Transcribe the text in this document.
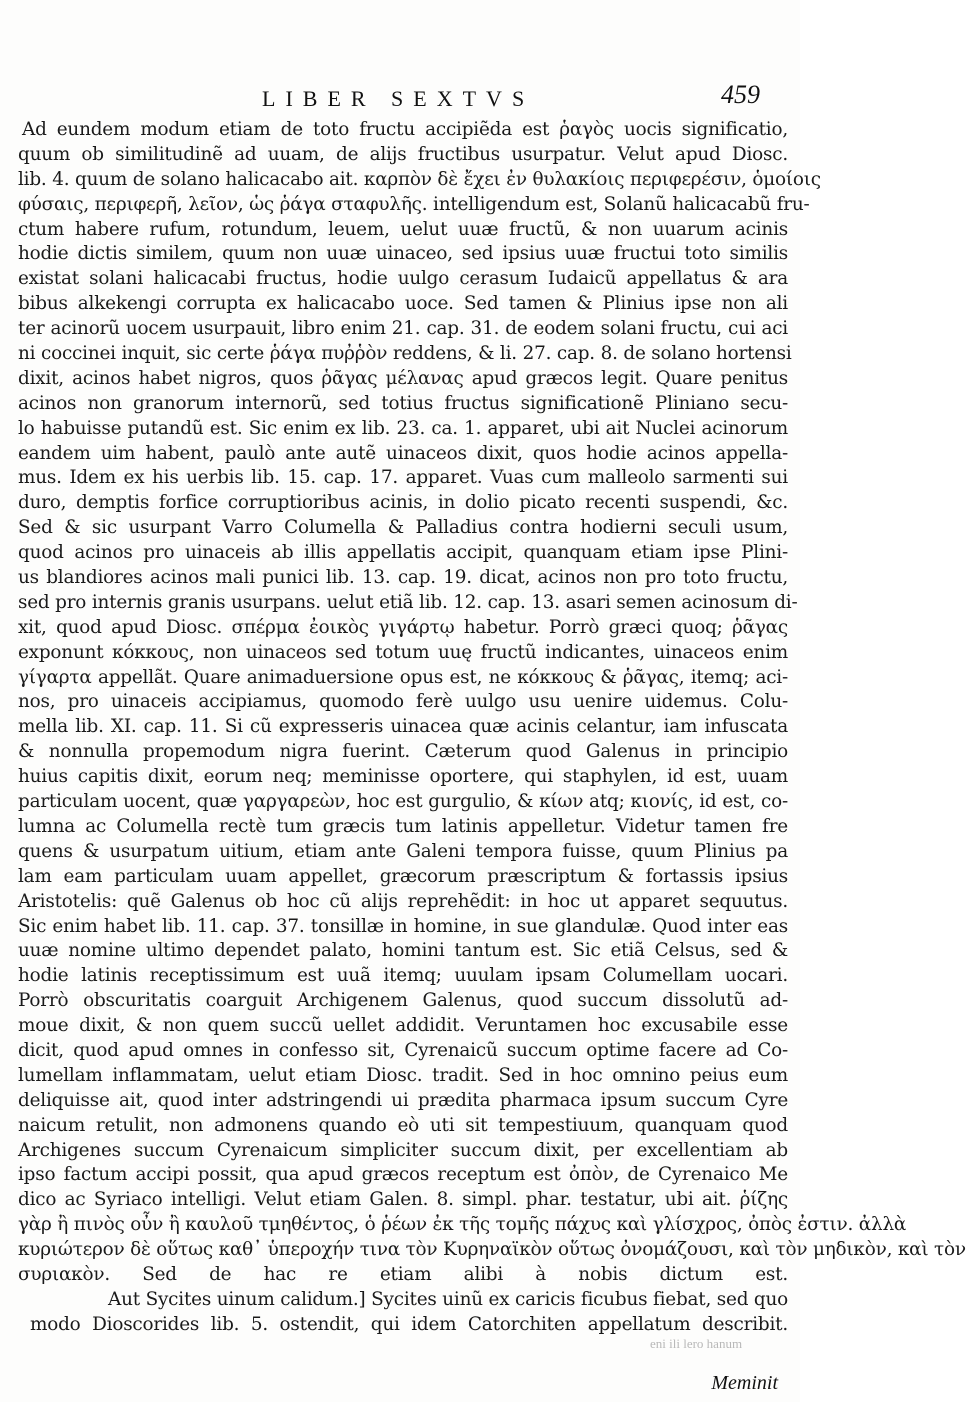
LIBER SEXTVS	459
Ad eundem modum etiam de toto fructu accipiẽda est ῥαγὸς uocis significatio,
quum ob similitudinẽ ad uuam, de alijs fructibus usurpatur. Velut apud Diosc.
lib. 4. quum de solano halicacabo ait. καρπὸν δὲ ἔχει ἐν θυλακίοις περιφερέσιν, ὁμοίοις
φύσαις, περιφερῆ, λεῖον, ὡς ῥάγα σταφυλῆς. intelligendum est, Solanũ halicacabũ fru-
ctum habere rufum, rotundum, leuem, uelut uuæ fructũ, & non uuarum acinis
hodie dictis similem, quum non uuæ uinaceo, sed ipsius uuæ fructui toto similis
existat solani halicacabi fructus, hodie uulgo cerasum Iudaicũ appellatus & ara
bibus alkekengi corrupta ex halicacabo uoce. Sed tamen & Plinius ipse non ali
ter acinorũ uocem usurpauit, libro enim 21. cap. 31. de eodem solani fructu, cui aci
ni coccinei inquit, sic certe ῥάγα πυῤῥὸν reddens, & li. 27. cap. 8. de solano hortensi
dixit, acinos habet nigros, quos ῥᾶγας μέλανας apud græcos legit. Quare penitus
acinos non granorum internorũ, sed totius fructus significationẽ Pliniano secu-
lo habuisse putandũ est. Sic enim ex lib. 23. ca. 1. apparet, ubi ait Nuclei acinorum
eandem uim habent, paulò ante autẽ uinaceos dixit, quos hodie acinos appella-
mus. Idem ex his uerbis lib. 15. cap. 17. apparet. Vuas cum malleolo sarmenti sui
duro, demptis forfice corruptioribus acinis, in dolio picato recenti suspendi, &c.
Sed & sic usurpant Varro Columella & Palladius contra hodierni seculi usum,
quod acinos pro uinaceis ab illis appellatis accipit, quanquam etiam ipse Plini-
us blandiores acinos mali punici lib. 13. cap. 19. dicat, acinos non pro toto fructu,
sed pro internis granis usurpans. uelut etiã lib. 12. cap. 13. asari semen acinosum di-
xit, quod apud Diosc. σπέρμα ἐοικὸς γιγάρτῳ habetur. Porrò græci quoq; ῥᾶγας
exponunt κόκκους, non uinaceos sed totum uuę fructũ indicantes, uinaceos enim
γίγαρτα appellãt. Quare animaduersione opus est, ne κόκκους & ῥᾶγας, itemq; aci-
nos, pro uinaceis accipiamus, quomodo ferè uulgo usu uenire uidemus. Colu-
mella lib. XI. cap. 11. Si cũ expresseris uinacea quæ acinis celantur, iam infuscata
& nonnulla propemodum nigra fuerint. Cæterum quod Galenus in principio
huius capitis dixit, eorum neq; meminisse oportere, qui staphylen, id est, uuam
particulam uocent, quæ γαργαρεὼν, hoc est gurgulio, & κίων atq; κιονίς, id est, co-
lumna ac Columella rectè tum græcis tum latinis appelletur. Videtur tamen fre
quens & usurpatum uitium, etiam ante Galeni tempora fuisse, quum Plinius pa
lam eam particulam uuam appellet, græcorum præscriptum & fortassis ipsius
Aristotelis: quẽ Galenus ob hoc cũ alijs reprehẽdit: in hoc ut apparet sequutus.
Sic enim habet lib. 11. cap. 37. tonsillæ in homine, in sue glandulæ. Quod inter eas
uuæ nomine ultimo dependet palato, homini tantum est. Sic etiã Celsus, sed &
hodie latinis receptissimum est uuã itemq; uuulam ipsam Columellam uocari.
Porrò obscuritatis coarguit Archigenem Galenus, quod succum dissolutũ ad-
moue dixit, & non quem succũ uellet addidit. Veruntamen hoc excusabile esse
dicit, quod apud omnes in confesso sit, Cyrenaicũ succum optime facere ad Co-
lumellam inflammatam, uelut etiam Diosc. tradit. Sed in hoc omnino peius eum
deliquisse ait, quod inter adstringendi ui prædita pharmaca ipsum succum Cyre
naicum retulit, non admonens quando eò uti sit tempestiuum, quanquam quod
Archigenes succum Cyrenaicum simpliciter succum dixit, per excellentiam ab
ipso factum accipi possit, qua apud græcos receptum est ὀπὸν, de Cyrenaico Me
dico ac Syriaco intelligi. Velut etiam Galen. 8. simpl. phar. testatur, ubi ait. ῥίζης
γὰρ ἢ πινὸς οὖν ἢ καυλοῦ τμηθέντος, ὁ ῥέων ἐκ τῆς τομῆς πάχυς καὶ γλίσχρος, ὀπὸς ἐστιν. ἀλλὰ
κυριώτερον δὲ οὕτως καθ᾽ ὑπεροχήν τινα τὸν Κυρηναϊκὸν οὕτως ὀνομάζουσι, καὶ τὸν μηδικὸν, καὶ τὸν
συριακὸν. Sed de hac re etiam alibi à nobis dictum est.
Aut Sycites uinum calidum.] Sycites uinũ ex caricis ficubus fiebat, sed quo
modo Dioscorides lib. 5. ostendit, qui idem Catorchiten appellatum describit.
eni ili lero hanum
Meminit
